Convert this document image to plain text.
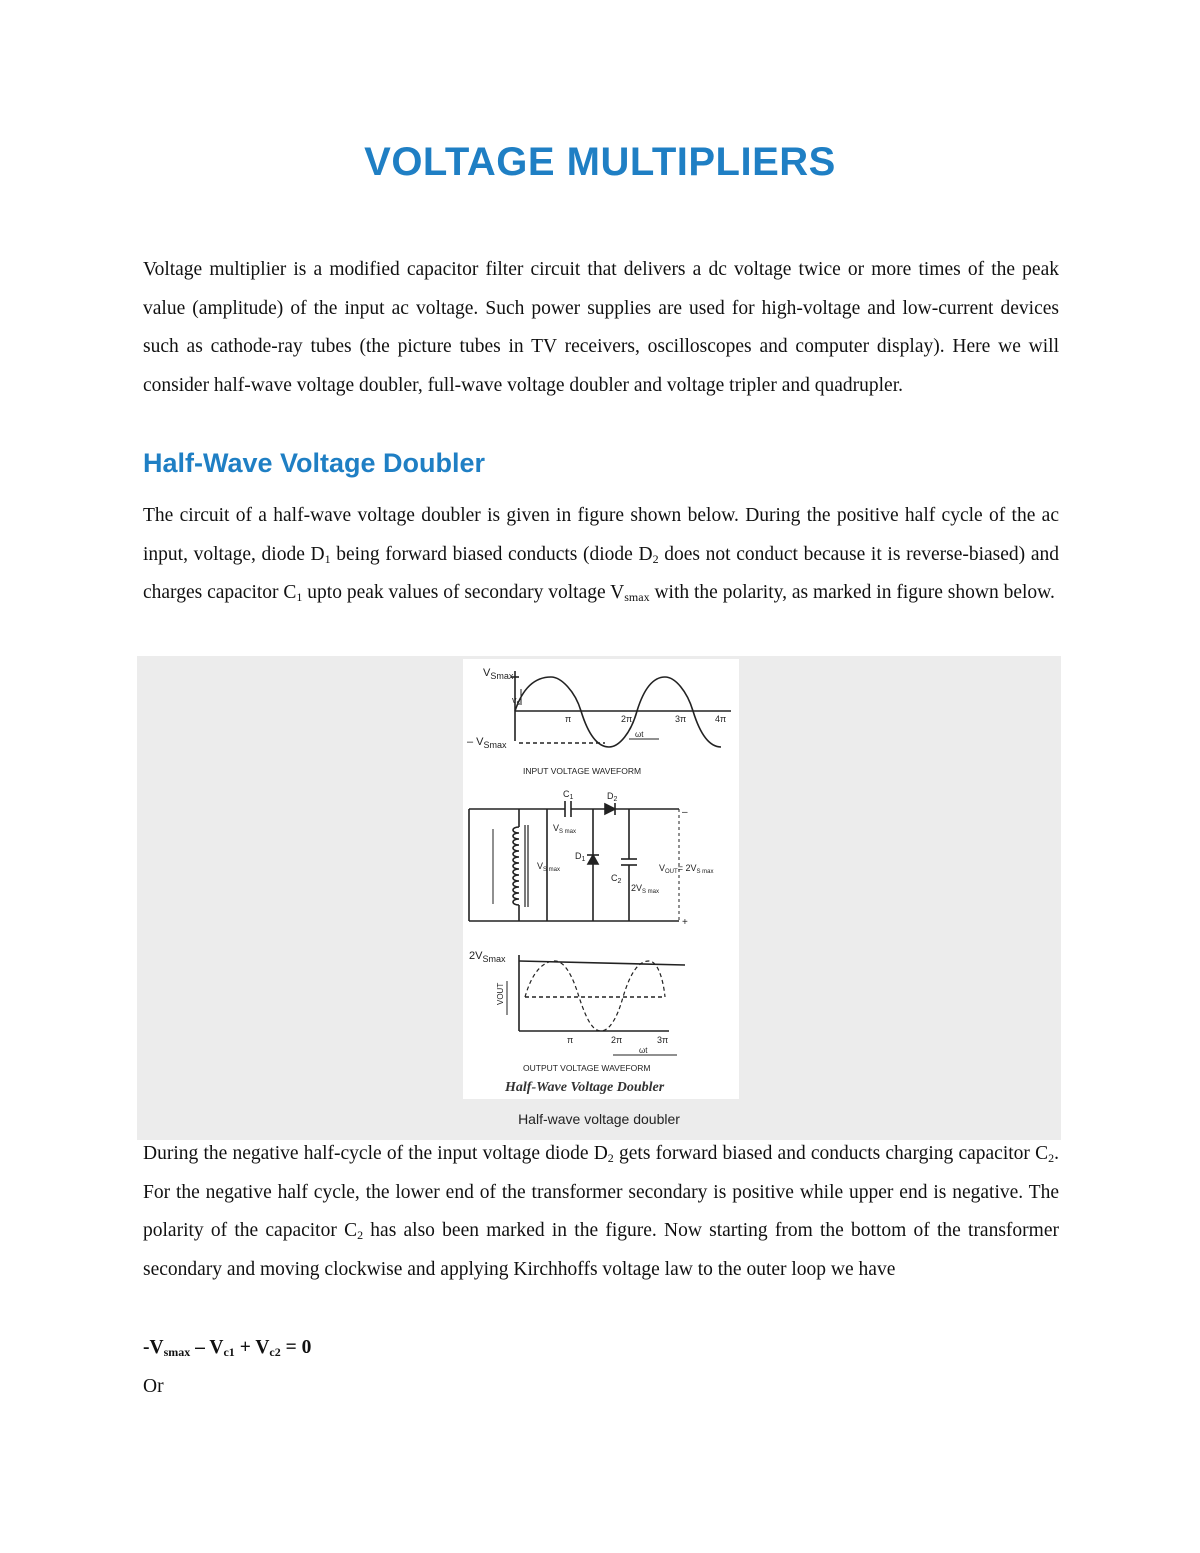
VOLTAGE MULTIPLIERS

Voltage multiplier is a modified capacitor filter circuit that delivers a dc voltage twice or more times of the peak value (amplitude) of the input ac voltage. Such power supplies are used for high-voltage and low-current devices such as cathode-ray tubes (the picture tubes in TV receivers, oscilloscopes and computer display). Here we will consider half-wave voltage doubler, full-wave voltage doubler and voltage tripler and quadrupler.

Half-Wave Voltage Doubler

The circuit of a half-wave voltage doubler is given in figure shown below. During the positive half cycle of the ac input, voltage, diode $D_1$ being forward biased conducts (diode $D_2$ does not conduct because it is reverse-biased) and charges capacitor $C_1$ upto peak values of secondary voltage $V_{smax}$ with the polarity, as marked in figure shown below.

$V_{Smax}$
– $V_{Smax}$
$v_s$
π	2π	3π	4π
ωt
INPUT VOLTAGE WAVEFORM
$C_1$	$D_2$
$D_1$
$C_2$
$V_{S max}$
$V_{S max}$
$2V_{S max}$
$V_{OUT}= 2V_{S max}$
–
+
$2V_{Smax}$
VOUT
π	2π	3π
ωt
OUTPUT VOLTAGE WAVEFORM
Half-Wave Voltage Doubler
Half-wave voltage doubler

During the negative half-cycle of the input voltage diode $D_2$ gets forward biased and conducts charging capacitor $C_2$. For the negative half cycle, the lower end of the transformer secondary is positive while upper end is negative. The polarity of the capacitor $C_2$ has also been marked in the figure. Now starting from the bottom of the transformer secondary and moving clockwise and applying Kirchhoffs voltage law to the outer loop we have

$-V_{smax} - V_{c1} + V_{c2} = 0$

Or
